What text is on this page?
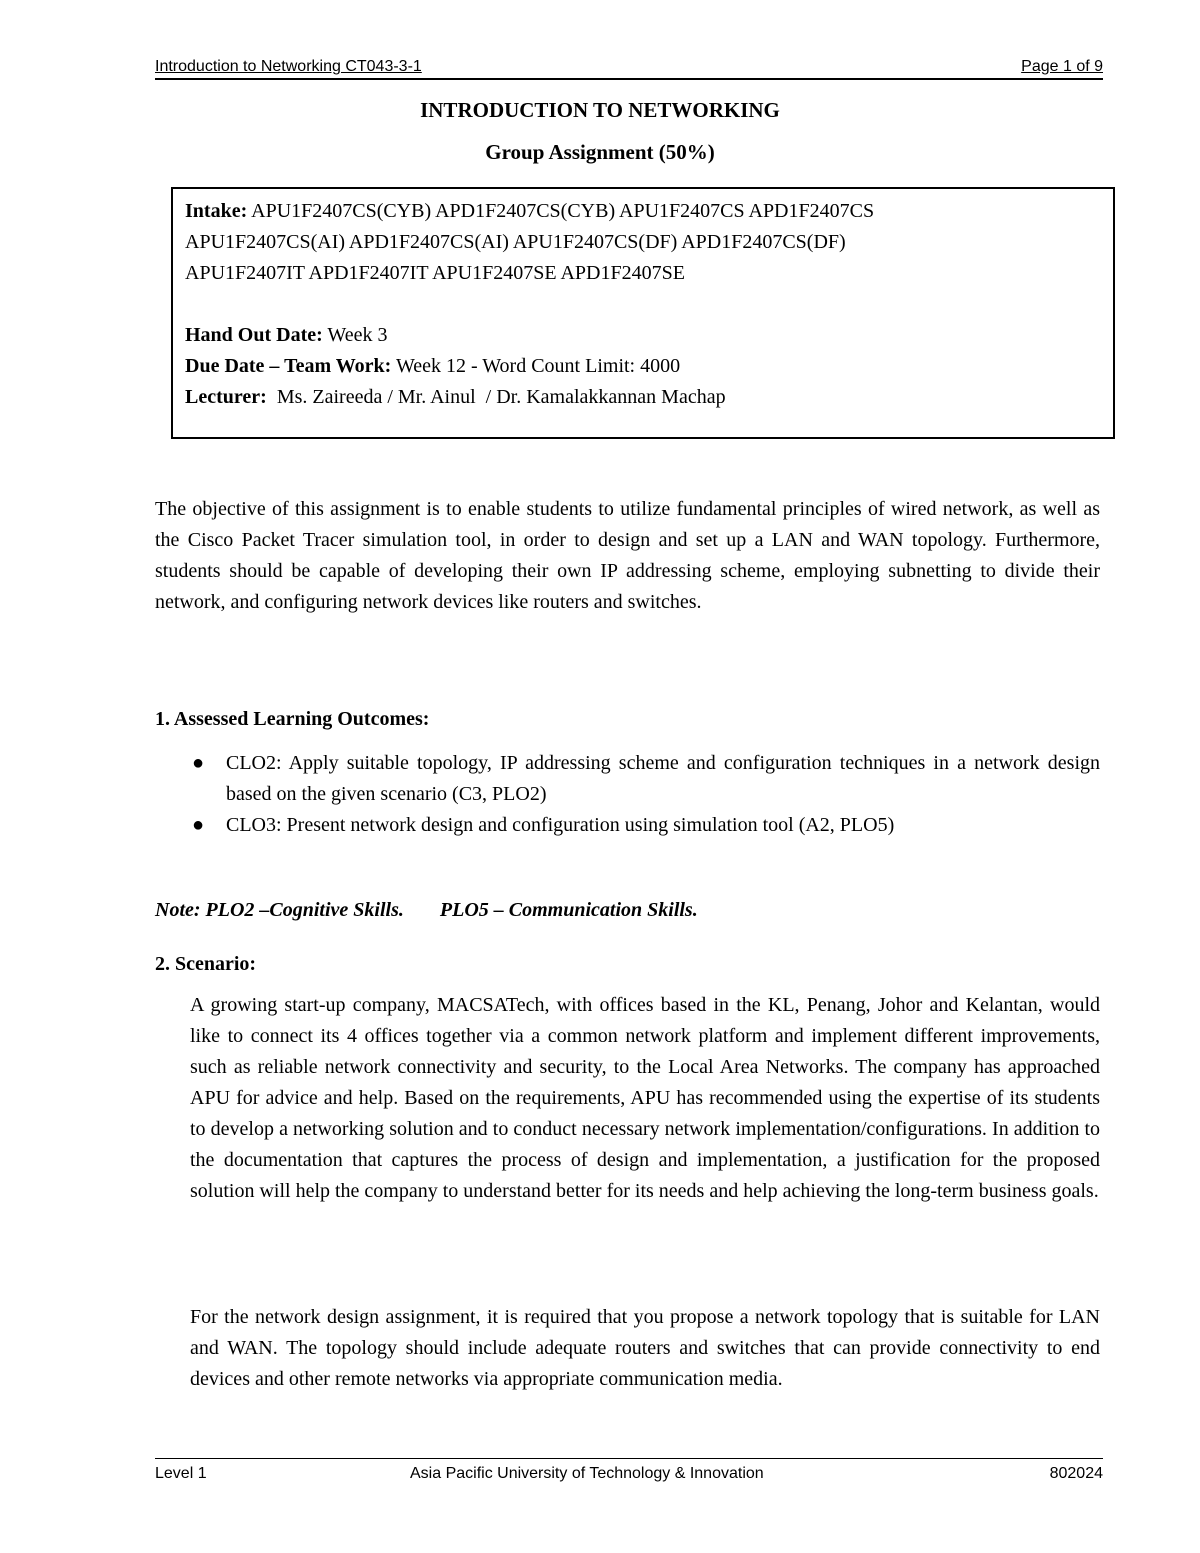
Introduction to Networking CT043-3-1	Page 1 of 9
INTRODUCTION TO NETWORKING
Group Assignment (50%)
Intake: APU1F2407CS(CYB) APD1F2407CS(CYB) APU1F2407CS APD1F2407CS
APU1F2407CS(AI) APD1F2407CS(AI) APU1F2407CS(DF) APD1F2407CS(DF)
APU1F2407IT APD1F2407IT APU1F2407SE APD1F2407SE
Hand Out Date: Week 3
Due Date – Team Work: Week 12 - Word Count Limit: 4000
Lecturer:  Ms. Zaireeda / Mr. Ainul  / Dr. Kamalakkannan Machap
The objective of this assignment is to enable students to utilize fundamental principles of wired network, as well as the Cisco Packet Tracer simulation tool, in order to design and set up a LAN and WAN topology. Furthermore, students should be capable of developing their own IP addressing scheme, employing subnetting to divide their network, and configuring network devices like routers and switches.
1. Assessed Learning Outcomes:
● CLO2: Apply suitable topology, IP addressing scheme and configuration techniques in a network design based on the given scenario (C3, PLO2)
● CLO3: Present network design and configuration using simulation tool (A2, PLO5)
Note: PLO2 –Cognitive Skills. PLO5 – Communication Skills.
2. Scenario:
A growing start-up company, MACSATech, with offices based in the KL, Penang, Johor and Kelantan, would like to connect its 4 offices together via a common network platform and implement different improvements, such as reliable network connectivity and security, to the Local Area Networks. The company has approached APU for advice and help. Based on the requirements, APU has recommended using the expertise of its students to develop a networking solution and to conduct necessary network implementation/configurations. In addition to the documentation that captures the process of design and implementation, a justification for the proposed solution will help the company to understand better for its needs and help achieving the long-term business goals.
For the network design assignment, it is required that you propose a network topology that is suitable for LAN and WAN. The topology should include adequate routers and switches that can provide connectivity to end devices and other remote networks via appropriate communication media.
Level 1	Asia Pacific University of Technology & Innovation	802024
